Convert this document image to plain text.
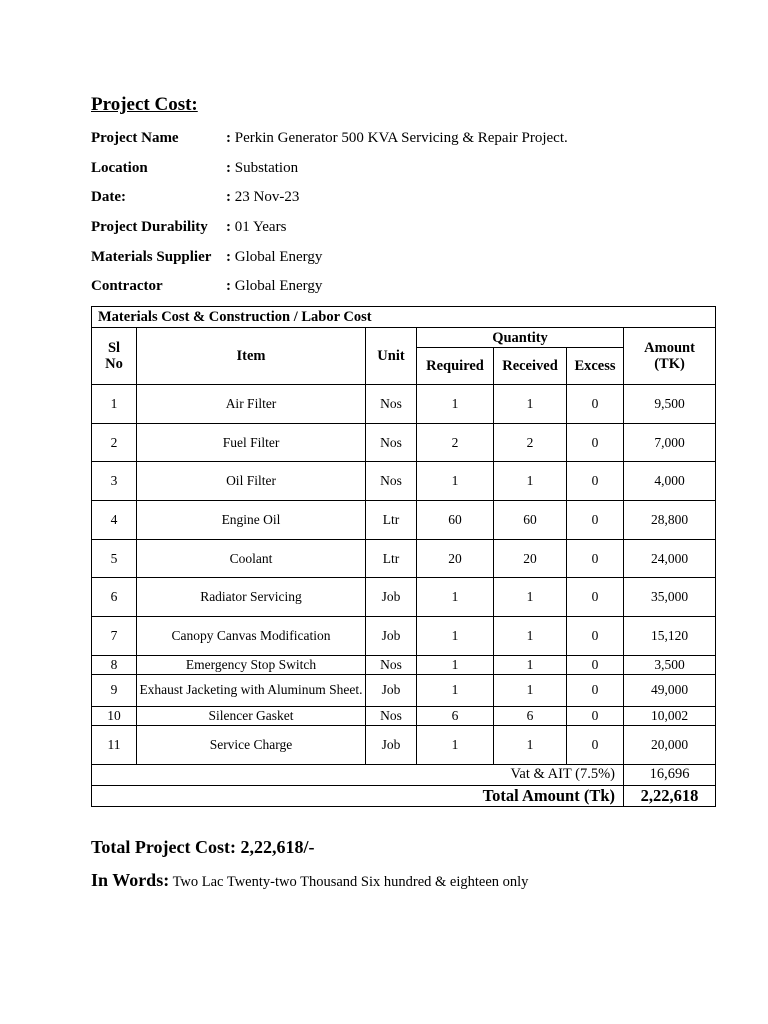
Project Cost:
Project Name	: Perkin Generator 500 KVA Servicing & Repair Project.
Location	: Substation
Date:	: 23 Nov-23
Project Durability	: 01 Years
Materials Supplier : Global Energy
Contractor	: Global Energy
Materials Cost & Construction / Labor Cost						
Sl No	Item	Unit	Quantity			Amount (TK)
			Required	Received	Excess	
1	Air Filter	Nos	1	1	0	9,500
2	Fuel Filter	Nos	2	2	0	7,000
3	Oil Filter	Nos	1	1	0	4,000
4	Engine Oil	Ltr	60	60	0	28,800
5	Coolant	Ltr	20	20	0	24,000
6	Radiator Servicing	Job	1	1	0	35,000
7	Canopy Canvas Modification	Job	1	1	0	15,120
8	Emergency Stop Switch	Nos	1	1	0	3,500
9	Exhaust Jacketing with Aluminum Sheet.	Job	1	1	0	49,000
10	Silencer Gasket	Nos	6	6	0	10,002
11	Service Charge	Job	1	1	0	20,000
Vat & AIT (7.5%)						16,696
Total Amount (Tk)						2,22,618
Total Project Cost: 2,22,618/-
In Words: Two Lac Twenty-two Thousand Six hundred & eighteen only
